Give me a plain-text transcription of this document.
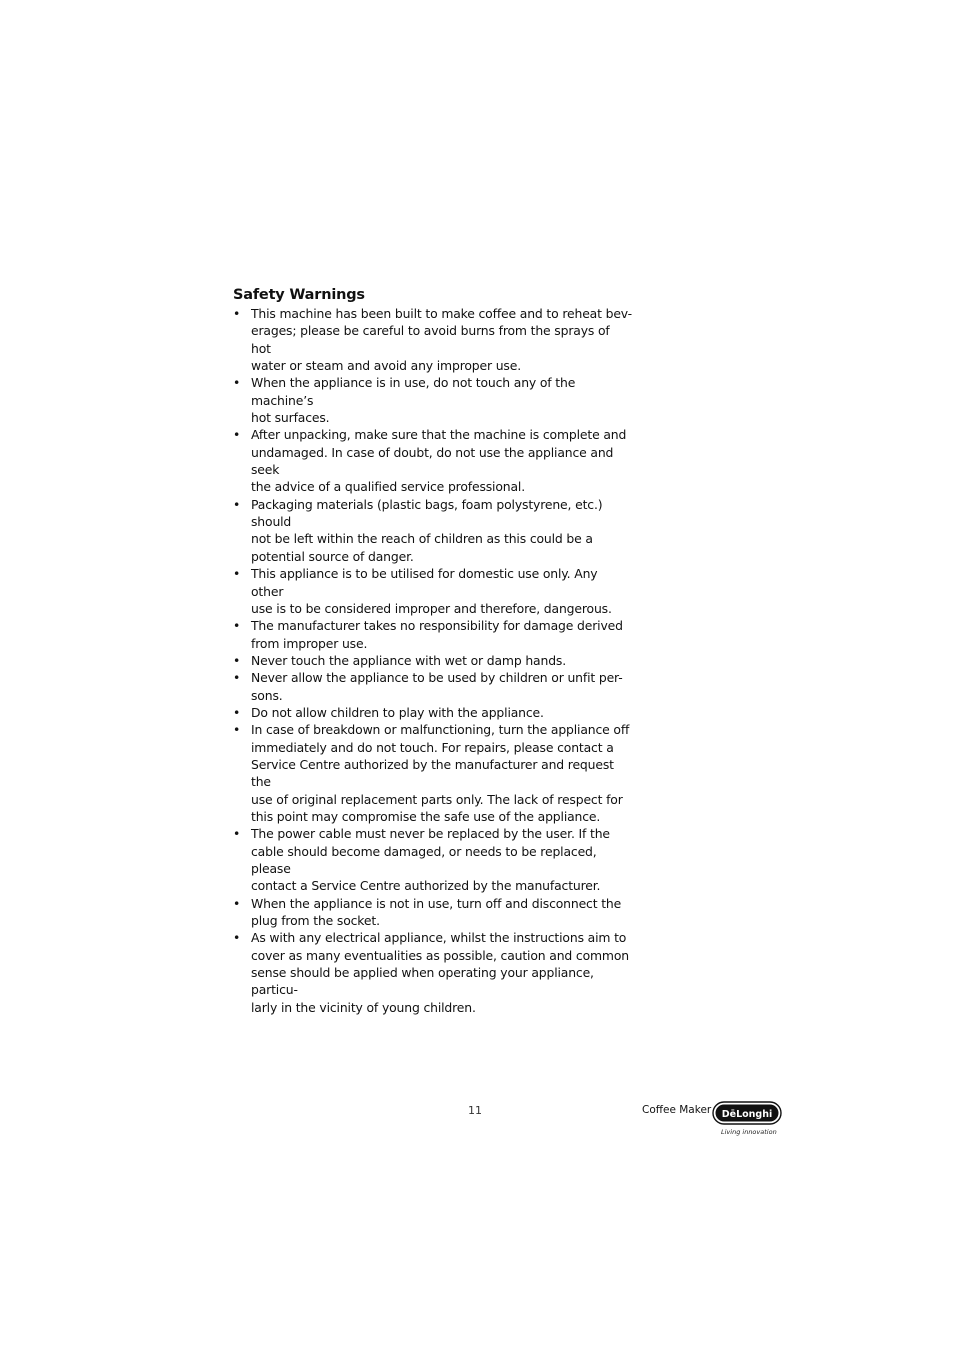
Safety Warnings
• This machine has been built to make coffee and to reheat bev-
erages; please be careful to avoid burns from the sprays of hot
water or steam and avoid any improper use.
• When the appliance is in use, do not touch any of the machine’s
hot surfaces.
• After unpacking, make sure that the machine is complete and
undamaged. In case of doubt, do not use the appliance and seek
the advice of a qualified service professional.
• Packaging materials (plastic bags, foam polystyrene, etc.) should
not be left within the reach of children as this could be a
potential source of danger.
• This appliance is to be utilised for domestic use only. Any other
use is to be considered improper and therefore, dangerous.
• The manufacturer takes no responsibility for damage derived
from improper use.
• Never touch the appliance with wet or damp hands.
• Never allow the appliance to be used by children or unfit per-
sons.
• Do not allow children to play with the appliance.
• In case of breakdown or malfunctioning, turn the appliance off
immediately and do not touch. For repairs, please contact a
Service Centre authorized by the manufacturer and request the
use of original replacement parts only. The lack of respect for
this point may compromise the safe use of the appliance.
• The power cable must never be replaced by the user. If the
cable should become damaged, or needs to be replaced, please
contact a Service Centre authorized by the manufacturer.
• When the appliance is not in use, turn off and disconnect the
plug from the socket.
• As with any electrical appliance, whilst the instructions aim to
cover as many eventualities as possible, caution and common
sense should be applied when operating your appliance, particu-
larly in the vicinity of young children.
11	Coffee Maker DēLonghi
Living innovation
